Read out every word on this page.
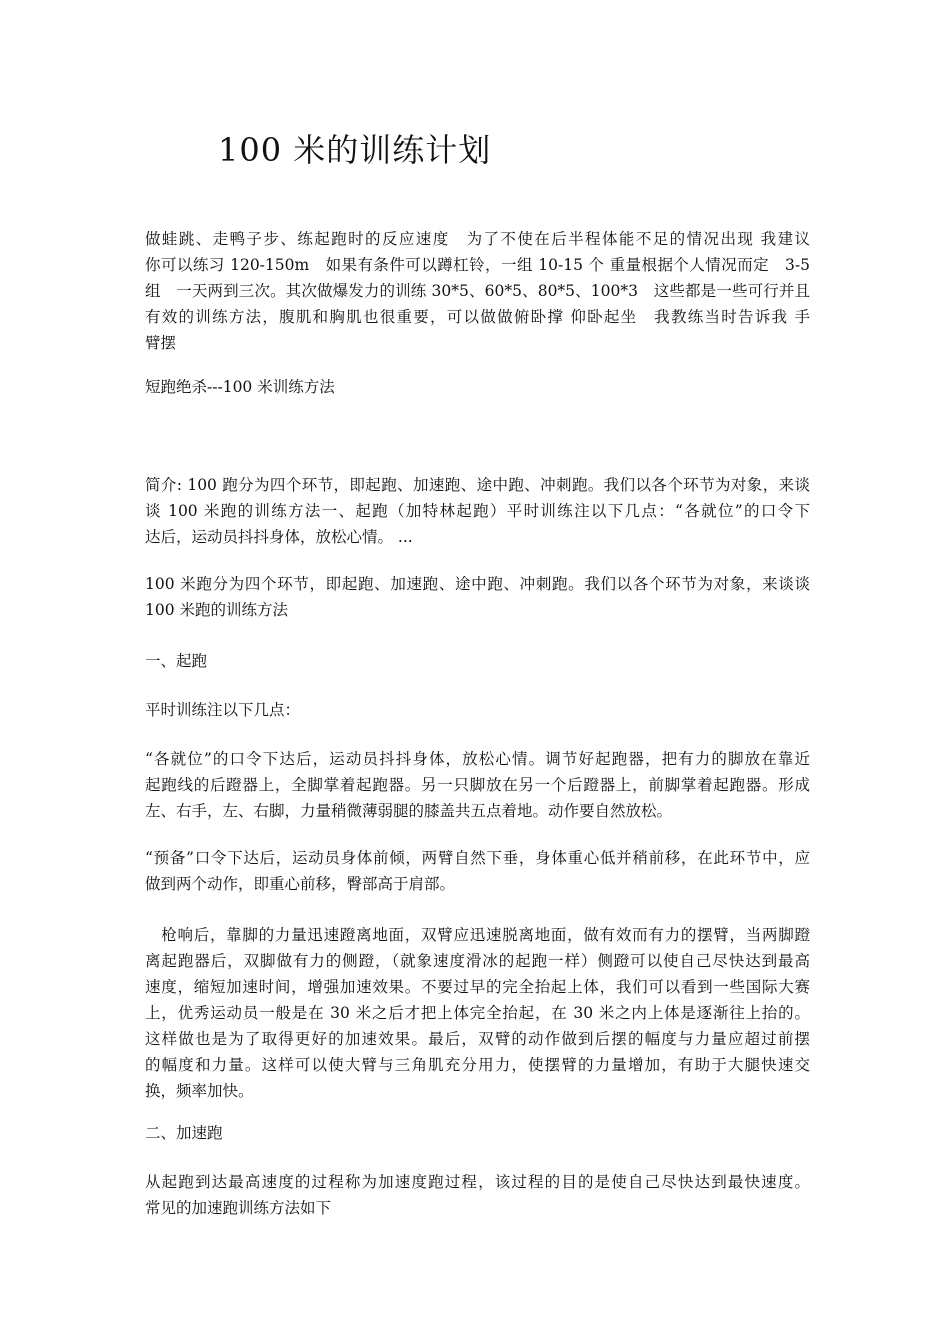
100 米的训练计划
做蛙跳、走鸭子步、练起跑时的反应速度　为了不使在后半程体能不足的情况出现 我建议
你可以练习 120-150m　如果有条件可以蹲杠铃，一组 10-15 个 重量根据个人情况而定　3-5
组　一天两到三次。其次做爆发力的训练 30*5、60*5、80*5、100*3　这些都是一些可行并且
有效的训练方法，腹肌和胸肌也很重要，可以做做俯卧撑 仰卧起坐　我教练当时告诉我 手
臂摆
短跑绝杀---100 米训练方法
简介: 100 跑分为四个环节，即起跑、加速跑、途中跑、冲刺跑。我们以各个环节为对象，来谈
谈 100 米跑的训练方法一、起跑（加特林起跑）平时训练注以下几点：“各就位”的口令下
达后，运动员抖抖身体，放松心情。 ...
100 米跑分为四个环节，即起跑、加速跑、途中跑、冲刺跑。我们以各个环节为对象，来谈谈
100 米跑的训练方法
一、起跑
平时训练注以下几点：
“各就位”的口令下达后，运动员抖抖身体，放松心情。调节好起跑器，把有力的脚放在靠近
起跑线的后蹬器上，全脚掌着起跑器。另一只脚放在另一个后蹬器上，前脚掌着起跑器。形成
左、右手，左、右脚，力量稍微薄弱腿的膝盖共五点着地。动作要自然放松。
“预备”口令下达后，运动员身体前倾，两臂自然下垂，身体重心低并稍前移，在此环节中，应
做到两个动作，即重心前移，臀部高于肩部。
　枪响后，靠脚的力量迅速蹬离地面，双臂应迅速脱离地面，做有效而有力的摆臂，当两脚蹬
离起跑器后，双脚做有力的侧蹬，（就象速度滑冰的起跑一样）侧蹬可以使自己尽快达到最高
速度，缩短加速时间，增强加速效果。不要过早的完全抬起上体，我们可以看到一些国际大赛
上，优秀运动员一般是在 30 米之后才把上体完全抬起，在 30 米之内上体是逐渐往上抬的。
这样做也是为了取得更好的加速效果。最后，双臂的动作做到后摆的幅度与力量应超过前摆
的幅度和力量。这样可以使大臂与三角肌充分用力，使摆臂的力量增加，有助于大腿快速交
换，频率加快。
二、加速跑
从起跑到达最高速度的过程称为加速度跑过程，该过程的目的是使自己尽快达到最快速度。
常见的加速跑训练方法如下
